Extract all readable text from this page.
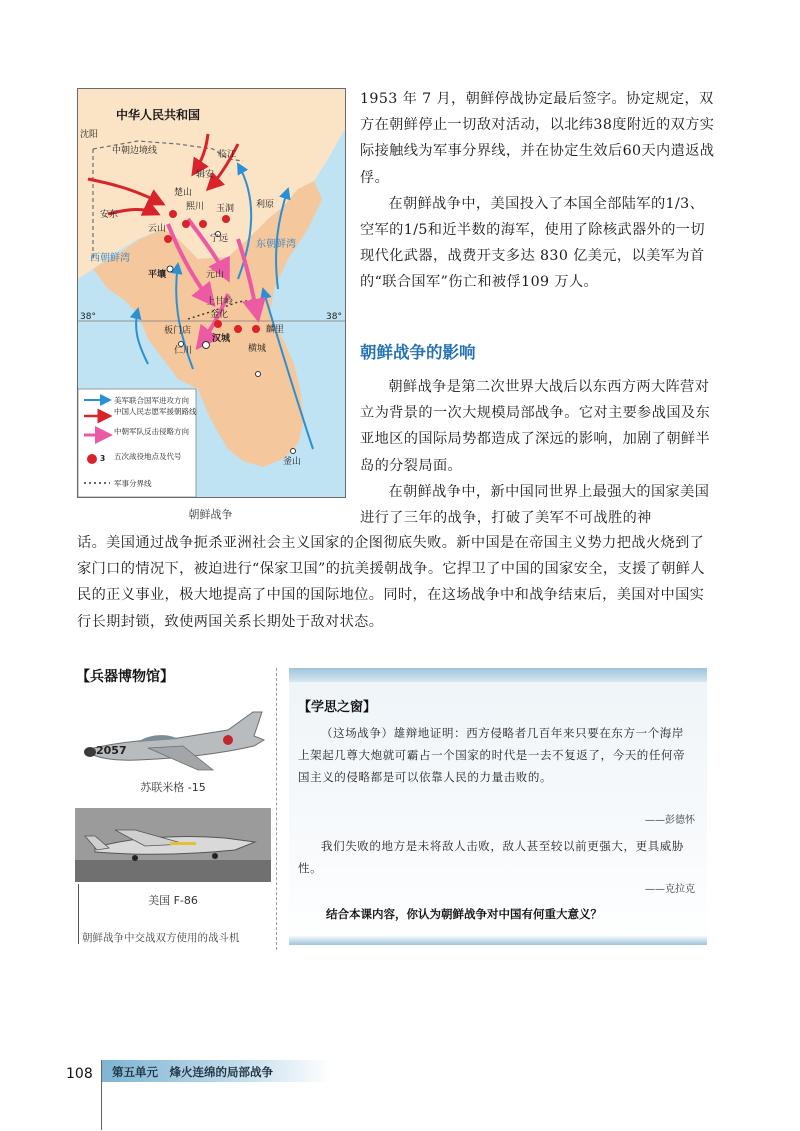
中华人民共和国
沈阳
中朝边境线	临江
辑安
楚山
熙川
云山
安东
玉洞
宁远
利原
西朝鲜湾
东朝鲜湾
平壤	元山
上甘岭
金化
38°	38°
板门店
汉城
仁川
麟里
横城
釜山
美军联合国军进攻方向
中国人民志愿军援朝路线
中朝军队反击侵略方向
3 五次战役地点及代号
军事分界线
朝鲜战争

1953 年 7 月，朝鲜停战协定最后签字。协定规定，双方在朝鲜停止一切敌对活动，以北纬38度附近的双方实际接触线为军事分界线，并在协定生效后60天内遣返战俘。

在朝鲜战争中，美国投入了本国全部陆军的1/3、空军的1/5和近半数的海军，使用了除核武器外的一切现代化武器，战费开支多达 830 亿美元，以美军为首的“联合国军”伤亡和被俘109 万人。

朝鲜战争的影响

朝鲜战争是第二次世界大战后以东西方两大阵营对立为背景的一次大规模局部战争。它对主要参战国及东亚地区的国际局势都造成了深远的影响，加剧了朝鲜半岛的分裂局面。

在朝鲜战争中，新中国同世界上最强大的国家美国进行了三年的战争，打破了美军不可战胜的神

话。美国通过战争扼杀亚洲社会主义国家的企图彻底失败。新中国是在帝国主义势力把战火烧到了家门口的情况下，被迫进行“保家卫国”的抗美援朝战争。它捍卫了中国的国家安全，支援了朝鲜人民的正义事业，极大地提高了中国的国际地位。同时，在这场战争中和战争结束后，美国对中国实行长期封锁，致使两国关系长期处于敌对状态。

【兵器博物馆】
2057
苏联米格 -15
美国 F-86
朝鲜战争中交战双方使用的战斗机
【学思之窗】

（这场战争）雄辩地证明：西方侵略者几百年来只要在东方一个海岸上架起几尊大炮就可霸占一个国家的时代是一去不复返了，今天的任何帝国主义的侵略都是可以依靠人民的力量击败的。

——彭德怀

我们失败的地方是未将敌人击败，敌人甚至较以前更强大，更具威胁性。

——克拉克
结合本课内容，你认为朝鲜战争对中国有何重大意义？
108 第五单元　烽火连绵的局部战争
